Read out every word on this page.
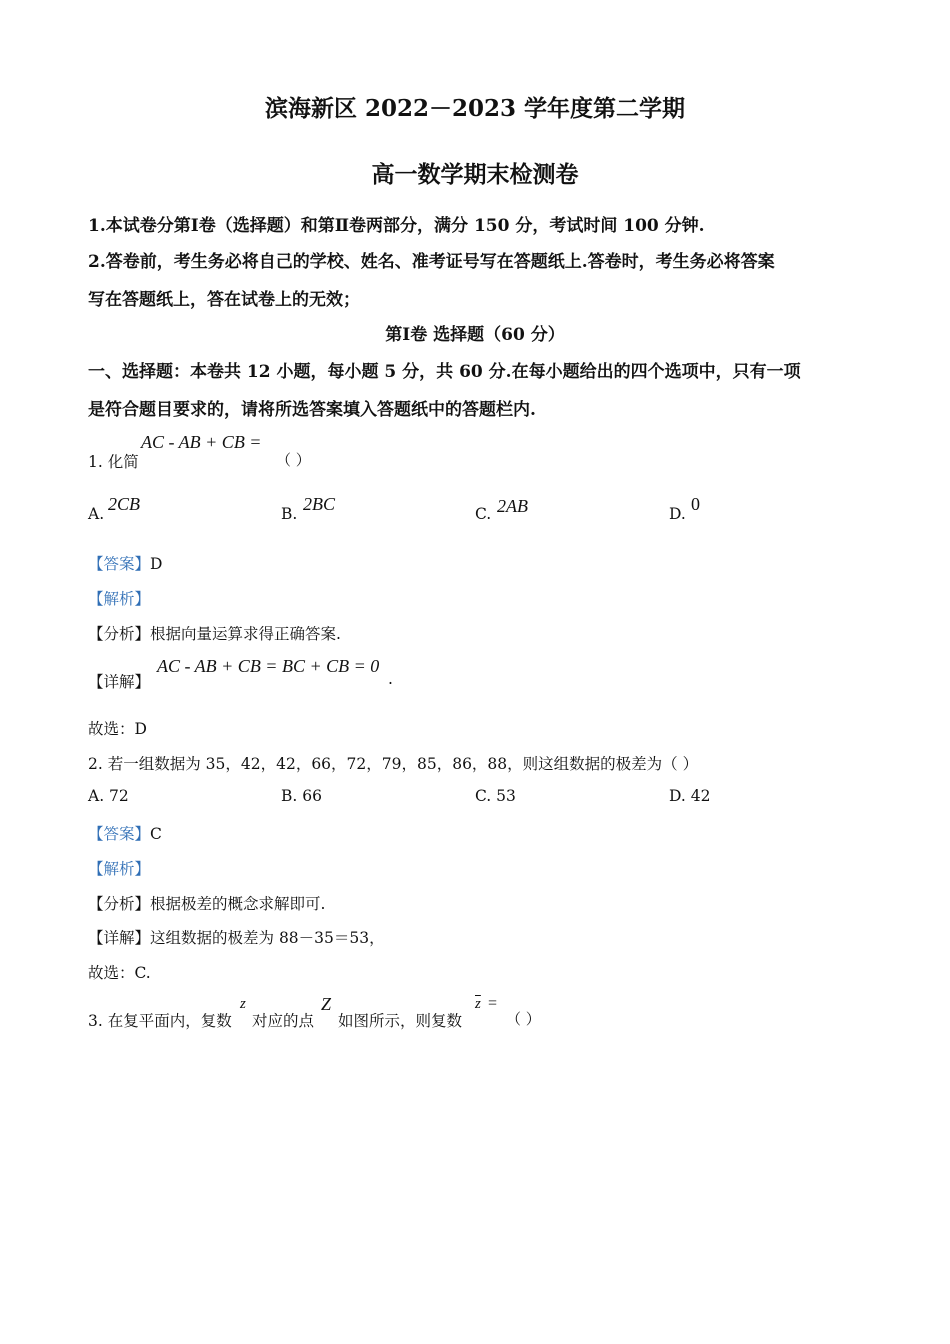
滨海新区 2022－2023 学年度第二学期
高一数学期末检测卷
1.本试卷分第Ⅰ卷（选择题）和第Ⅱ卷两部分，满分 150 分，考试时间 100 分钟.
2.答卷前，考生务必将自己的学校、姓名、准考证号写在答题纸上.答卷时，考生务必将答案
写在答题纸上，答在试卷上的无效；
第Ⅰ卷 选择题（60 分）
一、选择题：本卷共 12 小题，每小题 5 分，共 60 分.在每小题给出的四个选项中，只有一项
是符合题目要求的，请将所选答案填入答题纸中的答题栏内.
1. 化简
AC - AB + CB =
（ ）
A. 2CB	B. 2BC	C. 2AB	D. 0
【答案】D
【解析】
【分析】根据向量运算求得正确答案.
【详解】
AC - AB + CB = BC + CB = 0
.
故选：D
2. 若一组数据为 35，42，42，66，72，79，85，86，88，则这组数据的极差为（ ）
A. 72	B. 66	C. 53	D. 42
【答案】C
【解析】
【分析】根据极差的概念求解即可.
【详解】这组数据的极差为 88－35＝53，
故选：C.
3. 在复平面内，复数
z
对应的点
Z
如图所示，则复数
$\overline{z}$ =
（ ）
